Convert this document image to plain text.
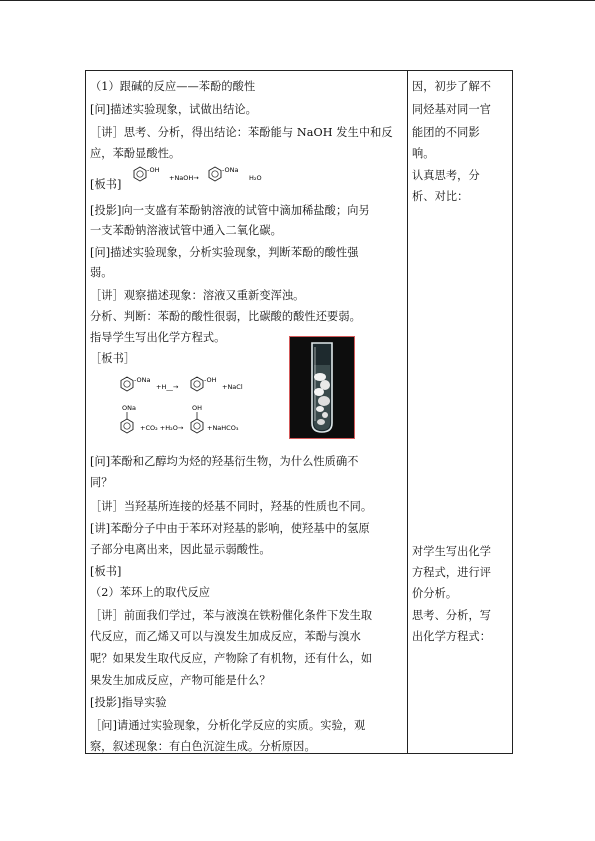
（1）跟碱的反应——苯酚的酸性
[问]描述实验现象，试做出结论。
［讲］思考、分析，得出结论：苯酚能与 NaOH 发生中和反
应，苯酚显酸性。
[板书]
[投影]向一支盛有苯酚钠溶液的试管中滴加稀盐酸；向另
一支苯酚钠溶液试管中通入二氧化碳。
[问]描述实验现象，分析实验现象，判断苯酚的酸性强
弱。
［讲］观察描述现象：溶液又重新变浑浊。
分析、判断：苯酚的酸性很弱，比碳酸的酸性还要弱。
指导学生写出化学方程式。
［板书］
[问]苯酚和乙醇均为烃的羟基衍生物，为什么性质确不
同？
［讲］当羟基所连接的烃基不同时，羟基的性质也不同。
[讲]苯酚分子中由于苯环对羟基的影响，使羟基中的氢原
子部分电离出来，因此显示弱酸性。
[板书]
（2）苯环上的取代反应
［讲］前面我们学过，苯与液溴在铁粉催化条件下发生取
代反应，而乙烯又可以与溴发生加成反应，苯酚与溴水
呢？如果发生取代反应，产物除了有机物，还有什么，如
果发生加成反应，产物可能是什么？
[投影]指导实验
［问]请通过实验现象，分析化学反应的实质。实验，观
察，叙述现象：有白色沉淀生成。分析原因。
因，初步了解不
同烃基对同一官
能团的不同影
响。
认真思考，分
析、对比：
对学生写出化学
方程式，进行评
价分析。
思考、分析，写
出化学方程式：
-OH
+NaOH→
-ONa
H₂O
-ONa
+H__→
-OH
+NaCl
ONa
+CO₂ +H₂O→
OH
+NaHCO₃
